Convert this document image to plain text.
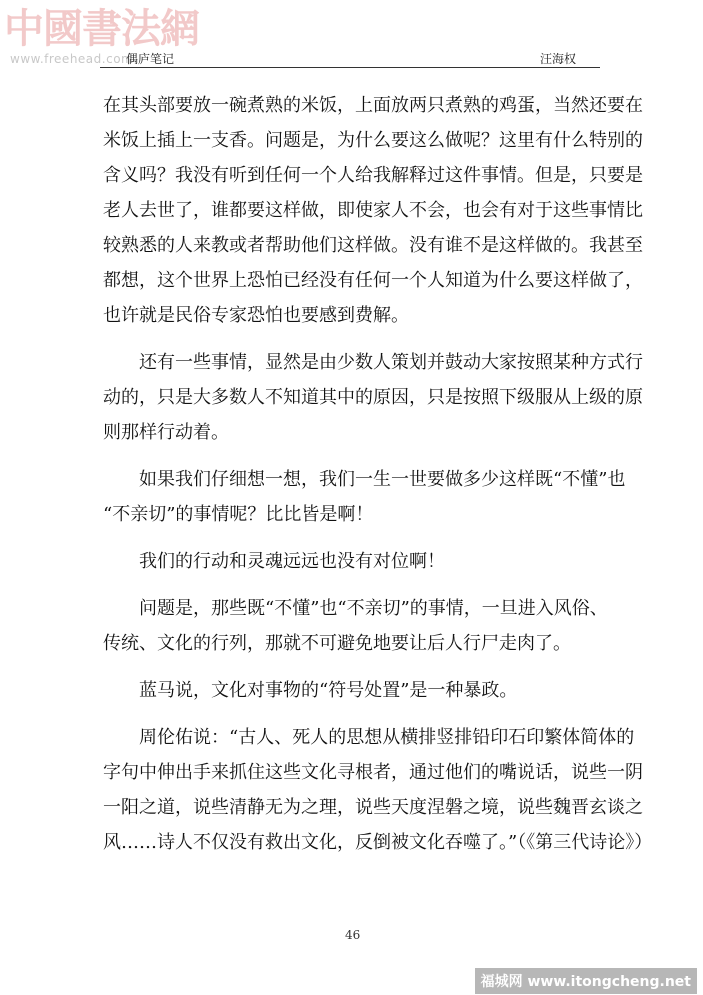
中國書法網
www.freehead.com
偶庐笔记	汪海权
在其头部要放一碗煮熟的米饭，上面放两只煮熟的鸡蛋，当然还要在
米饭上插上一支香。问题是，为什么要这么做呢？这里有什么特别的
含义吗？我没有听到任何一个人给我解释过这件事情。但是，只要是
老人去世了，谁都要这样做，即使家人不会，也会有对于这些事情比
较熟悉的人来教或者帮助他们这样做。没有谁不是这样做的。我甚至
都想，这个世界上恐怕已经没有任何一个人知道为什么要这样做了，
也许就是民俗专家恐怕也要感到费解。
还有一些事情，显然是由少数人策划并鼓动大家按照某种方式行
动的，只是大多数人不知道其中的原因，只是按照下级服从上级的原
则那样行动着。
如果我们仔细想一想，我们一生一世要做多少这样既“不懂”也
“不亲切”的事情呢？比比皆是啊！
我们的行动和灵魂远远也没有对位啊！
问题是，那些既“不懂”也“不亲切”的事情，一旦进入风俗、
传统、文化的行列，那就不可避免地要让后人行尸走肉了。
蓝马说，文化对事物的“符号处置”是一种暴政。
周伦佑说：“古人、死人的思想从横排竖排铅印石印繁体简体的
字句中伸出手来抓住这些文化寻根者，通过他们的嘴说话，说些一阴
一阳之道，说些清静无为之理，说些天度涅磐之境，说些魏晋玄谈之
风……诗人不仅没有救出文化，反倒被文化吞噬了。”（《第三代诗论》）
46
福城网 www.itongcheng.net
